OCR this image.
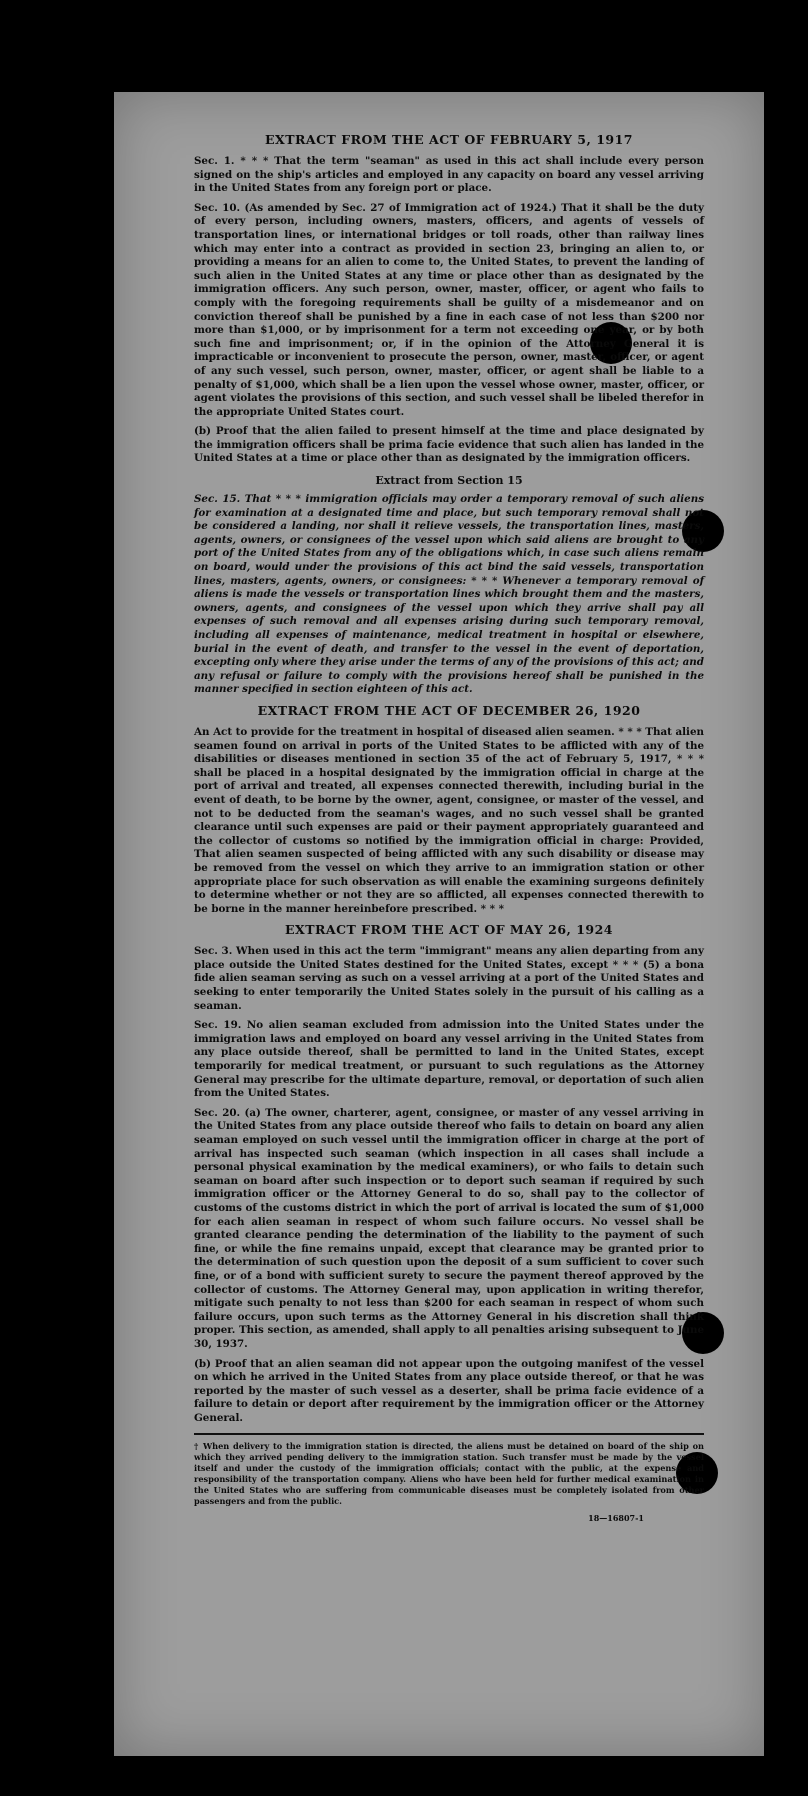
EXTRACT FROM THE ACT OF FEBRUARY 5, 1917

Sec. 1. * * * That the term "seaman" as used in this act shall include every person signed on the ship's articles and employed in any capacity on board any vessel arriving in the United States from any foreign port or place.

Sec. 10. (As amended by Sec. 27 of Immigration act of 1924.) That it shall be the duty of every person, including owners, masters, officers, and agents of vessels of transportation lines, or international bridges or toll roads, other than railway lines which may enter into a contract as provided in section 23, bringing an alien to, or providing a means for an alien to come to, the United States, to prevent the landing of such alien in the United States at any time or place other than as designated by the immigration officers. Any such person, owner, master, officer, or agent who fails to comply with the foregoing requirements shall be guilty of a misdemeanor and on conviction thereof shall be punished by a fine in each case of not less than $200 nor more than $1,000, or by imprisonment for a term not exceeding one year, or by both such fine and imprisonment; or, if in the opinion of the Attorney General it is impracticable or inconvenient to prosecute the person, owner, master, officer, or agent of any such vessel, such person, owner, master, officer, or agent shall be liable to a penalty of $1,000, which shall be a lien upon the vessel whose owner, master, officer, or agent violates the provisions of this section, and such vessel shall be libeled therefor in the appropriate United States court.

(b) Proof that the alien failed to present himself at the time and place designated by the immigration officers shall be prima facie evidence that such alien has landed in the United States at a time or place other than as designated by the immigration officers.

Extract from Section 15

Sec. 15. That * * * immigration officials may order a temporary removal of such aliens for examination at a designated time and place, but such temporary removal shall not be considered a landing, nor shall it relieve vessels, the transportation lines, masters, agents, owners, or consignees of the vessel upon which said aliens are brought to any port of the United States from any of the obligations which, in case such aliens remain on board, would under the provisions of this act bind the said vessels, transportation lines, masters, agents, owners, or consignees: * * * Whenever a temporary removal of aliens is made the vessels or transportation lines which brought them and the masters, owners, agents, and consignees of the vessel upon which they arrive shall pay all expenses of such removal and all expenses arising during such temporary removal, including all expenses of maintenance, medical treatment in hospital or elsewhere, burial in the event of death, and transfer to the vessel in the event of deportation, excepting only where they arise under the terms of any of the provisions of this act; and any refusal or failure to comply with the provisions hereof shall be punished in the manner specified in section eighteen of this act.

EXTRACT FROM THE ACT OF DECEMBER 26, 1920

An Act to provide for the treatment in hospital of diseased alien seamen. * * * That alien seamen found on arrival in ports of the United States to be afflicted with any of the disabilities or diseases mentioned in section 35 of the act of February 5, 1917, * * * shall be placed in a hospital designated by the immigration official in charge at the port of arrival and treated, all expenses connected therewith, including burial in the event of death, to be borne by the owner, agent, consignee, or master of the vessel, and not to be deducted from the seaman's wages, and no such vessel shall be granted clearance until such expenses are paid or their payment appropriately guaranteed and the collector of customs so notified by the immigration official in charge: Provided, That alien seamen suspected of being afflicted with any such disability or disease may be removed from the vessel on which they arrive to an immigration station or other appropriate place for such observation as will enable the examining surgeons definitely to determine whether or not they are so afflicted, all expenses connected therewith to be borne in the manner hereinbefore prescribed. * * *

EXTRACT FROM THE ACT OF MAY 26, 1924

Sec. 3. When used in this act the term "immigrant" means any alien departing from any place outside the United States destined for the United States, except * * * (5) a bona fide alien seaman serving as such on a vessel arriving at a port of the United States and seeking to enter temporarily the United States solely in the pursuit of his calling as a seaman.

Sec. 19. No alien seaman excluded from admission into the United States under the immigration laws and employed on board any vessel arriving in the United States from any place outside thereof, shall be permitted to land in the United States, except temporarily for medical treatment, or pursuant to such regulations as the Attorney General may prescribe for the ultimate departure, removal, or deportation of such alien from the United States.

Sec. 20. (a) The owner, charterer, agent, consignee, or master of any vessel arriving in the United States from any place outside thereof who fails to detain on board any alien seaman employed on such vessel until the immigration officer in charge at the port of arrival has inspected such seaman (which inspection in all cases shall include a personal physical examination by the medical examiners), or who fails to detain such seaman on board after such inspection or to deport such seaman if required by such immigration officer or the Attorney General to do so, shall pay to the collector of customs of the customs district in which the port of arrival is located the sum of $1,000 for each alien seaman in respect of whom such failure occurs. No vessel shall be granted clearance pending the determination of the liability to the payment of such fine, or while the fine remains unpaid, except that clearance may be granted prior to the determination of such question upon the deposit of a sum sufficient to cover such fine, or of a bond with sufficient surety to secure the payment thereof approved by the collector of customs. The Attorney General may, upon application in writing therefor, mitigate such penalty to not less than $200 for each seaman in respect of whom such failure occurs, upon such terms as the Attorney General in his discretion shall think proper. This section, as amended, shall apply to all penalties arising subsequent to June 30, 1937.

(b) Proof that an alien seaman did not appear upon the outgoing manifest of the vessel on which he arrived in the United States from any place outside thereof, or that he was reported by the master of such vessel as a deserter, shall be prima facie evidence of a failure to detain or deport after requirement by the immigration officer or the Attorney General.

† When delivery to the immigration station is directed, the aliens must be detained on board of the ship on which they arrived pending delivery to the immigration station. Such transfer must be made by the vessel itself and under the custody of the immigration officials; contact with the public, at the expense and responsibility of the transportation company. Aliens who have been held for further medical examination in the United States who are suffering from communicable diseases must be completely isolated from other passengers and from the public.
18—16807-1
